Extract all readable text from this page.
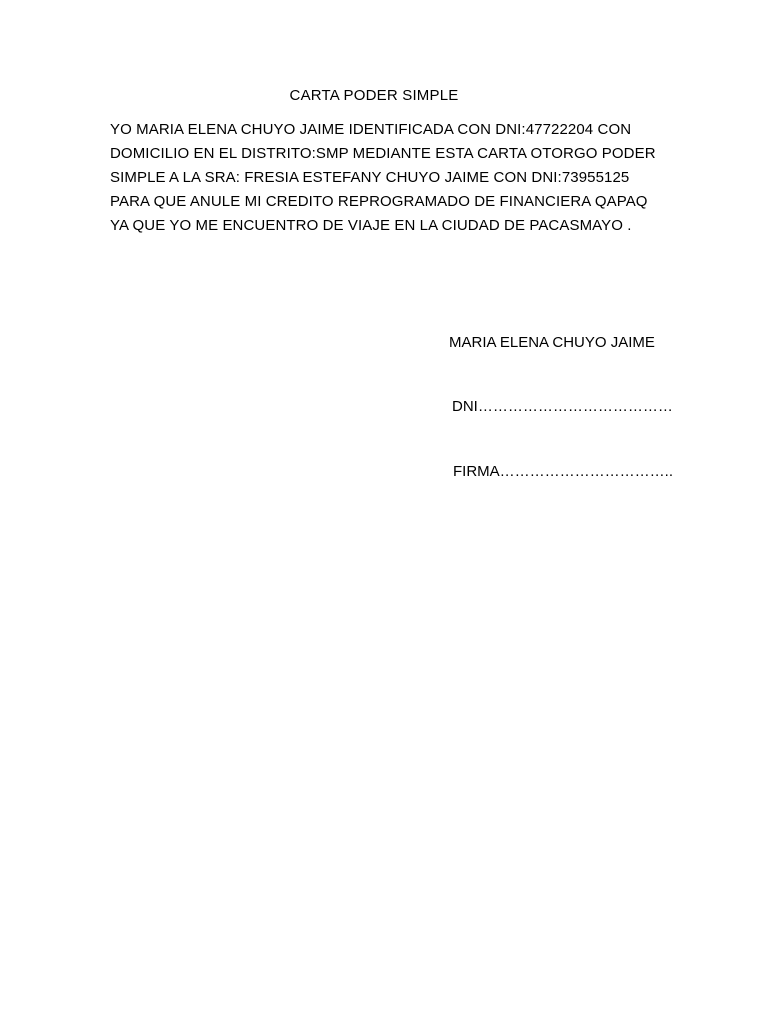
CARTA PODER SIMPLE
YO MARIA ELENA CHUYO JAIME IDENTIFICADA CON DNI:47722204 CON
DOMICILIO EN EL DISTRITO:SMP MEDIANTE ESTA CARTA OTORGO PODER
SIMPLE A LA SRA: FRESIA ESTEFANY CHUYO JAIME CON DNI:73955125
PARA QUE ANULE MI CREDITO REPROGRAMADO DE FINANCIERA QAPAQ
YA QUE YO ME ENCUENTRO DE VIAJE EN LA CIUDAD DE PACASMAYO .
MARIA ELENA CHUYO JAIME
DNI…………………………………
FIRMA……………………………..
